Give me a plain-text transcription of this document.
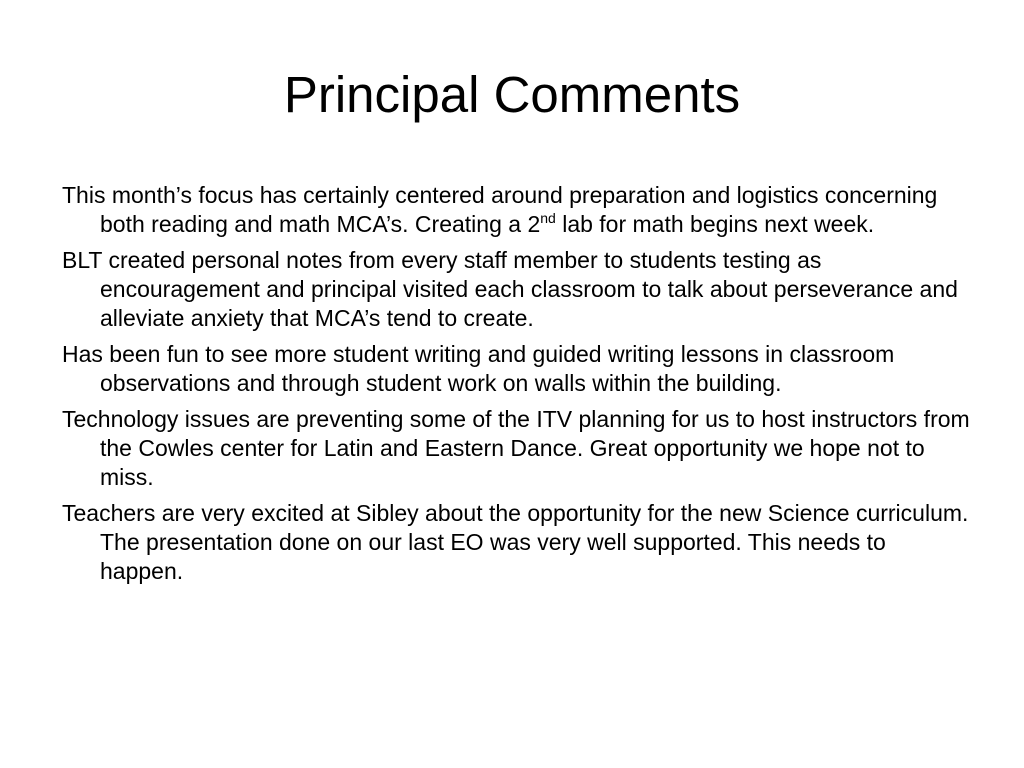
Principal Comments
This month’s focus has certainly centered around preparation and logistics concerning both reading and math MCA’s. Creating a 2nd lab for math begins next week.
BLT created personal notes from every staff member to students testing as encouragement and principal visited each classroom to talk about perseverance and alleviate anxiety that MCA’s tend to create.
Has been fun to see more student writing and guided writing lessons in classroom observations and through student work on walls within the building.
Technology issues are preventing some of the ITV planning for us to host instructors from the Cowles center for Latin and Eastern Dance. Great opportunity we hope not to miss.
Teachers are very excited at Sibley about the opportunity for the new Science curriculum. The presentation done on our last EO was very well supported. This needs to happen.
